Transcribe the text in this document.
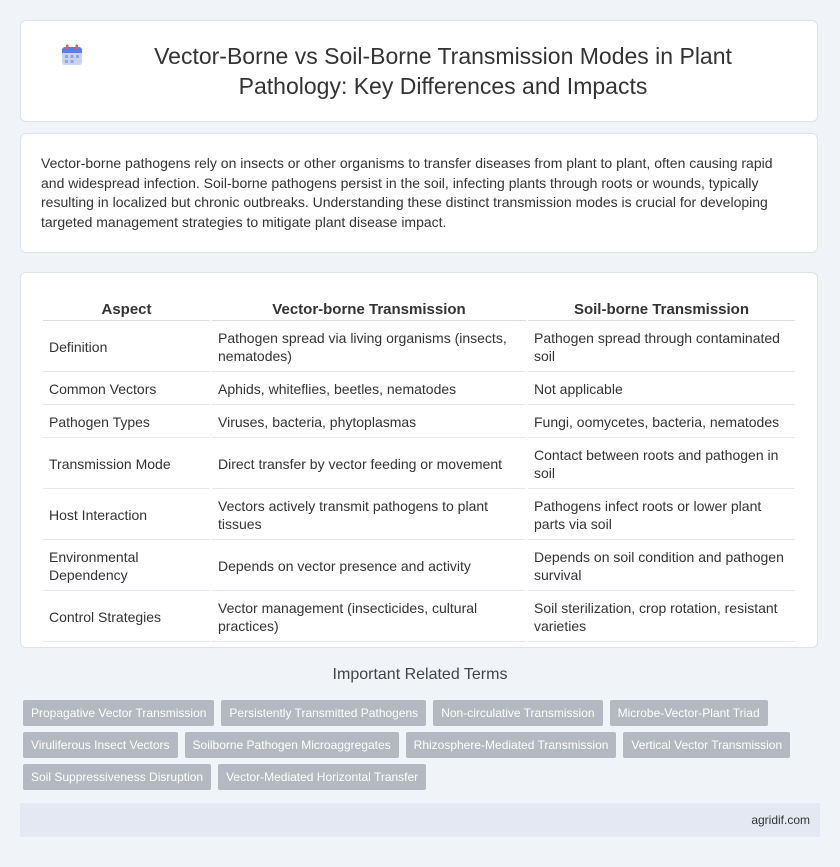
Vector-Borne vs Soil-Borne Transmission Modes in Plant Pathology: Key Differences and Impacts

Vector-borne pathogens rely on insects or other organisms to transfer diseases from plant to plant, often causing rapid and widespread infection. Soil-borne pathogens persist in the soil, infecting plants through roots or wounds, typically resulting in localized but chronic outbreaks. Understanding these distinct transmission modes is crucial for developing targeted management strategies to mitigate plant disease impact.

Aspect	Vector-borne Transmission	Soil-borne Transmission
Definition	Pathogen spread via living organisms (insects, nematodes)	Pathogen spread through contaminated soil
Common Vectors	Aphids, whiteflies, beetles, nematodes	Not applicable
Pathogen Types	Viruses, bacteria, phytoplasmas	Fungi, oomycetes, bacteria, nematodes
Transmission Mode	Direct transfer by vector feeding or movement	Contact between roots and pathogen in soil
Host Interaction	Vectors actively transmit pathogens to plant tissues	Pathogens infect roots or lower plant parts via soil
Environmental Dependency	Depends on vector presence and activity	Depends on soil condition and pathogen survival
Control Strategies	Vector management (insecticides, cultural practices)	Soil sterilization, crop rotation, resistant varieties
Important Related Terms
Propagative Vector Transmission	Persistently Transmitted Pathogens	Non-circulative Transmission	Microbe-Vector-Plant Triad
Viruliferous Insect Vectors	Soilborne Pathogen Microaggregates	Rhizosphere-Mediated Transmission	Vertical Vector Transmission
Soil Suppressiveness Disruption	Vector-Mediated Horizontal Transfer
agridif.com
